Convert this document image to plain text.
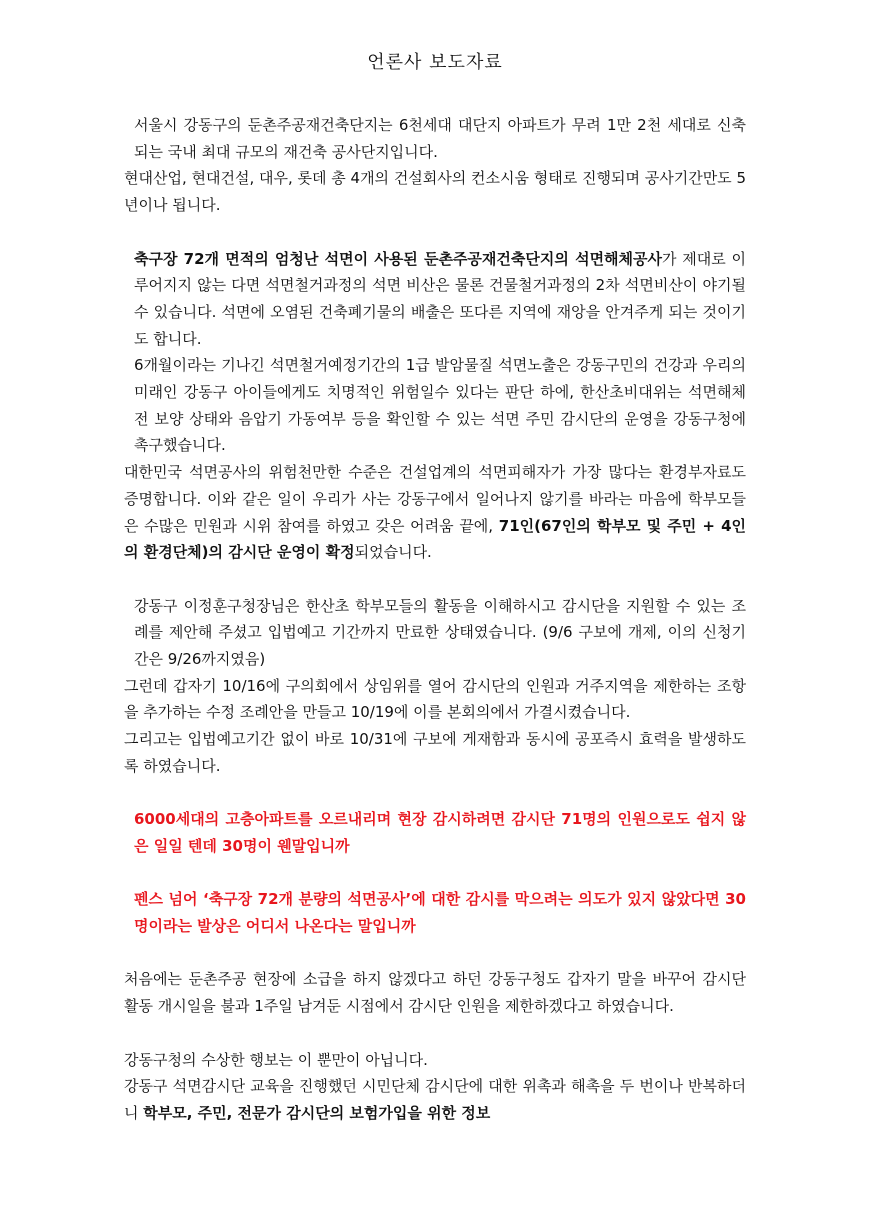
언론사 보도자료

서울시 강동구의 둔촌주공재건축단지는 6천세대 대단지 아파트가 무려 1만 2천 세대로 신축되는 국내 최대 규모의 재건축 공사단지입니다.

현대산업, 현대건설, 대우, 롯데 총 4개의 건설회사의 컨소시움 형태로 진행되며 공사기간만도 5년이나 됩니다.

축구장 72개 면적의 엄청난 석면이 사용된 둔촌주공재건축단지의 석면해체공사가 제대로 이루어지지 않는 다면 석면철거과정의 석면 비산은 물론 건물철거과정의 2차 석면비산이 야기될 수 있습니다. 석면에 오염된 건축폐기물의 배출은 또다른 지역에 재앙을 안겨주게 되는 것이기도 합니다.

6개월이라는 기나긴 석면철거예정기간의 1급 발암물질 석면노출은 강동구민의 건강과 우리의 미래인 강동구 아이들에게도 치명적인 위험일수 있다는 판단 하에, 한산초비대위는 석면해체 전 보양 상태와 음압기 가동여부 등을 확인할 수 있는 석면 주민 감시단의 운영을 강동구청에 촉구했습니다.

대한민국 석면공사의 위험천만한 수준은 건설업계의 석면피해자가 가장 많다는 환경부자료도 증명합니다. 이와 같은 일이 우리가 사는 강동구에서 일어나지 않기를 바라는 마음에 학부모들은 수많은 민원과 시위 참여를 하였고 갖은 어려움 끝에, 71인(67인의 학부모 및 주민 + 4인의 환경단체)의 감시단 운영이 확정되었습니다.

강동구 이정훈구청장님은 한산초 학부모들의 활동을 이해하시고 감시단을 지원할 수 있는 조례를 제안해 주셨고 입법예고 기간까지 만료한 상태였습니다. (9/6 구보에 개제, 이의 신청기간은 9/26까지였음)

그런데 갑자기 10/16에 구의회에서 상임위를 열어 감시단의 인원과 거주지역을 제한하는 조항을 추가하는 수정 조례안을 만들고 10/19에 이를 본회의에서 가결시켰습니다.

그리고는 입법예고기간 없이 바로 10/31에 구보에 게재함과 동시에 공포즉시 효력을 발생하도록 하였습니다.

6000세대의 고층아파트를 오르내리며 현장 감시하려면 감시단 71명의 인원으로도 쉽지 않은 일일 텐데 30명이 웬말입니까

펜스 넘어 ‘축구장 72개 분량의 석면공사’에 대한 감시를 막으려는 의도가 있지 않았다면 30명이라는 발상은 어디서 나온다는 말입니까

처음에는 둔촌주공 현장에 소급을 하지 않겠다고 하던 강동구청도 갑자기 말을 바꾸어 감시단 활동 개시일을 불과 1주일 남겨둔 시점에서 감시단 인원을 제한하겠다고 하였습니다.

강동구청의 수상한 행보는 이 뿐만이 아닙니다.

강동구 석면감시단 교육을 진행했던 시민단체 감시단에 대한 위촉과 해촉을 두 번이나 반복하더니 학부모, 주민, 전문가 감시단의 보험가입을 위한 정보
